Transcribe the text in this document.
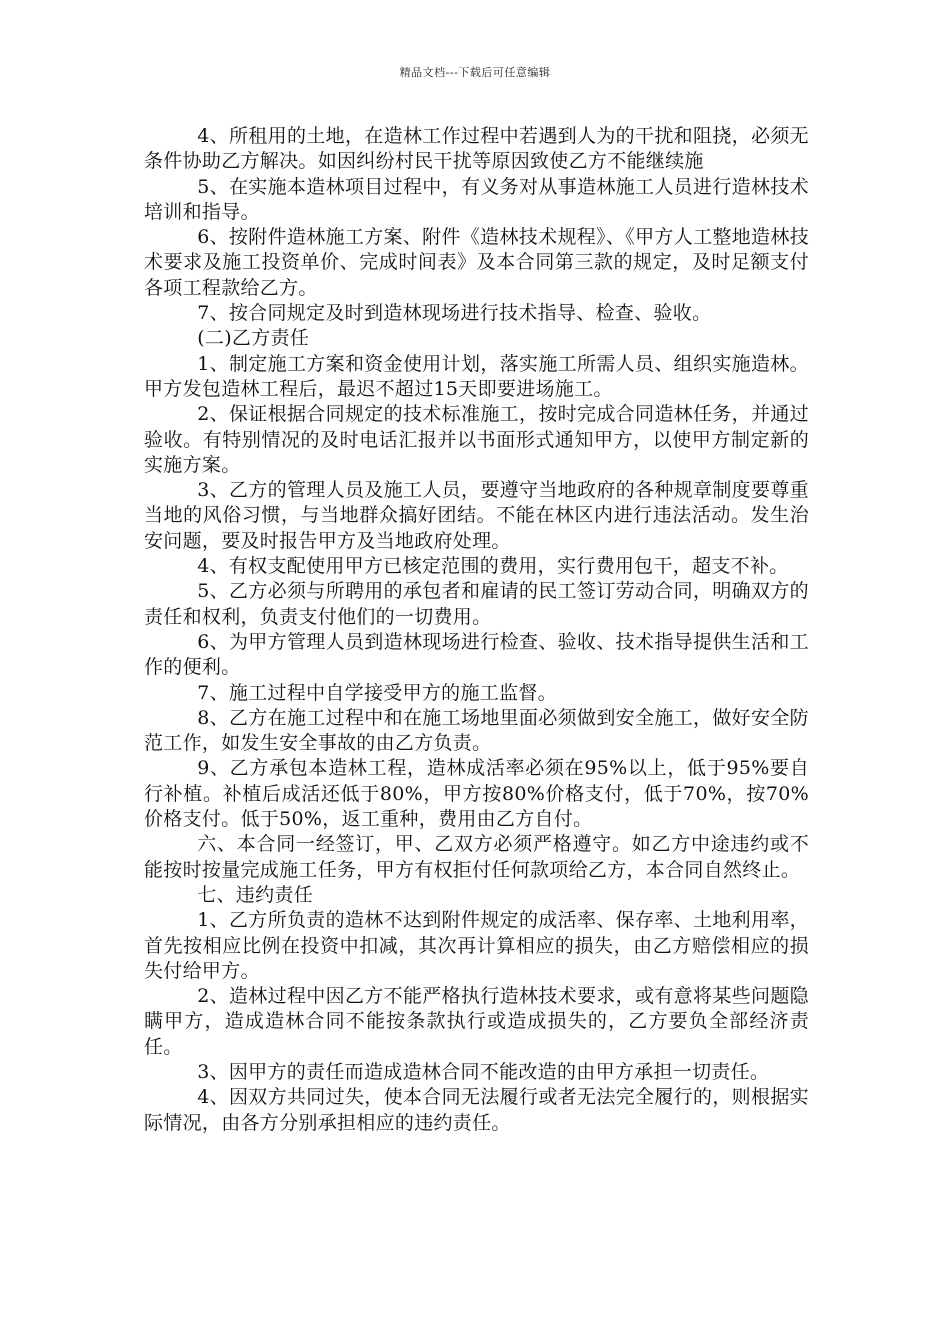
精品文档---下载后可任意编辑

4、所租用的土地，在造林工作过程中若遇到人为的干扰和阻挠，必须无条件协助乙方解决。如因纠纷村民干扰等原因致使乙方不能继续施

5、在实施本造林项目过程中，有义务对从事造林施工人员进行造林技术培训和指导。

6、按附件造林施工方案、附件《造林技术规程》、《甲方人工整地造林技术要求及施工投资单价、完成时间表》及本合同第三款的规定，及时足额支付各项工程款给乙方。

7、按合同规定及时到造林现场进行技术指导、检查、验收。

(二)乙方责任

1、制定施工方案和资金使用计划，落实施工所需人员、组织实施造林。甲方发包造林工程后，最迟不超过15天即要进场施工。

2、保证根据合同规定的技术标准施工，按时完成合同造林任务，并通过验收。有特别情况的及时电话汇报并以书面形式通知甲方，以使甲方制定新的实施方案。

3、乙方的管理人员及施工人员，要遵守当地政府的各种规章制度要尊重当地的风俗习惯，与当地群众搞好团结。不能在林区内进行违法活动。发生治安问题，要及时报告甲方及当地政府处理。

4、有权支配使用甲方已核定范围的费用，实行费用包干，超支不补。

5、乙方必须与所聘用的承包者和雇请的民工签订劳动合同，明确双方的责任和权利，负责支付他们的一切费用。

6、为甲方管理人员到造林现场进行检查、验收、技术指导提供生活和工作的便利。

7、施工过程中自学接受甲方的施工监督。

8、乙方在施工过程中和在施工场地里面必须做到安全施工，做好安全防范工作，如发生安全事故的由乙方负责。

9、乙方承包本造林工程，造林成活率必须在95%以上，低于95%要自行补植。补植后成活还低于80%，甲方按80%价格支付，低于70%，按70%价格支付。低于50%，返工重种，费用由乙方自付。

六、本合同一经签订，甲、乙双方必须严格遵守。如乙方中途违约或不能按时按量完成施工任务，甲方有权拒付任何款项给乙方，本合同自然终止。

七、违约责任

1、乙方所负责的造林不达到附件规定的成活率、保存率、土地利用率，首先按相应比例在投资中扣减，其次再计算相应的损失，由乙方赔偿相应的损失付给甲方。

2、造林过程中因乙方不能严格执行造林技术要求，或有意将某些问题隐瞒甲方，造成造林合同不能按条款执行或造成损失的，乙方要负全部经济责任。

3、因甲方的责任而造成造林合同不能改造的由甲方承担一切责任。

4、因双方共同过失，使本合同无法履行或者无法完全履行的，则根据实际情况，由各方分别承担相应的违约责任。
